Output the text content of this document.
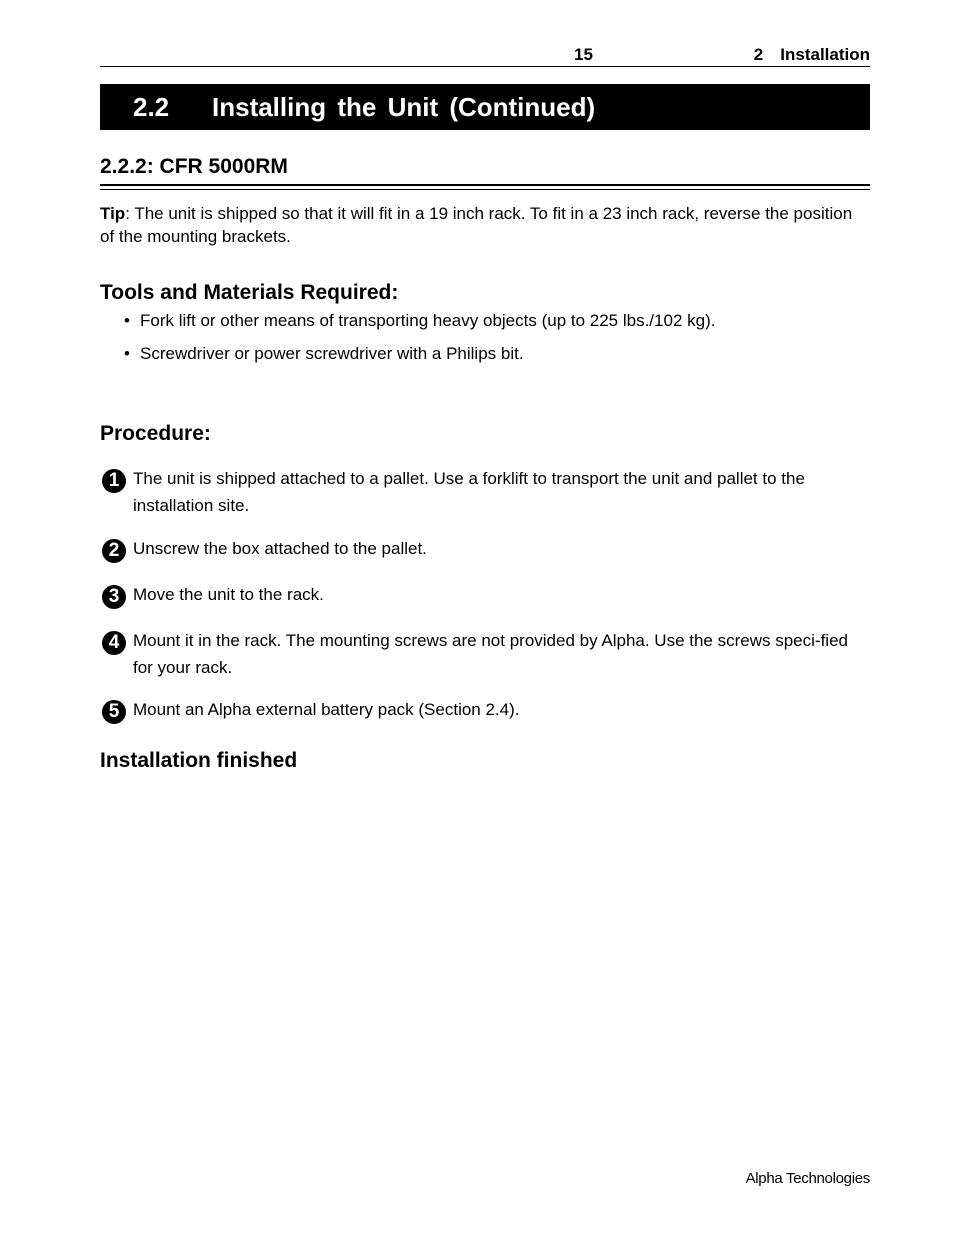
15	2 Installation
2.2 Installing the Unit (Continued)
2.2.2: CFR 5000RM

Tip: The unit is shipped so that it will fit in a 19 inch rack. To fit in a 23 inch rack, reverse the position of the mounting brackets.

Tools and Materials Required:
• Fork lift or other means of transporting heavy objects (up to 225 lbs./102 kg).
• Screwdriver or power screwdriver with a Philips bit.
Procedure:
1 The unit is shipped attached to a pallet. Use a forklift to transport the unit and pallet to the installation site.
2 Unscrew the box attached to the pallet.
3 Move the unit to the rack.
4 Mount it in the rack. The mounting screws are not provided by Alpha. Use the screws speci-fied for your rack.
5 Mount an Alpha external battery pack (Section 2.4).
Installation finished
Alpha Technologies
